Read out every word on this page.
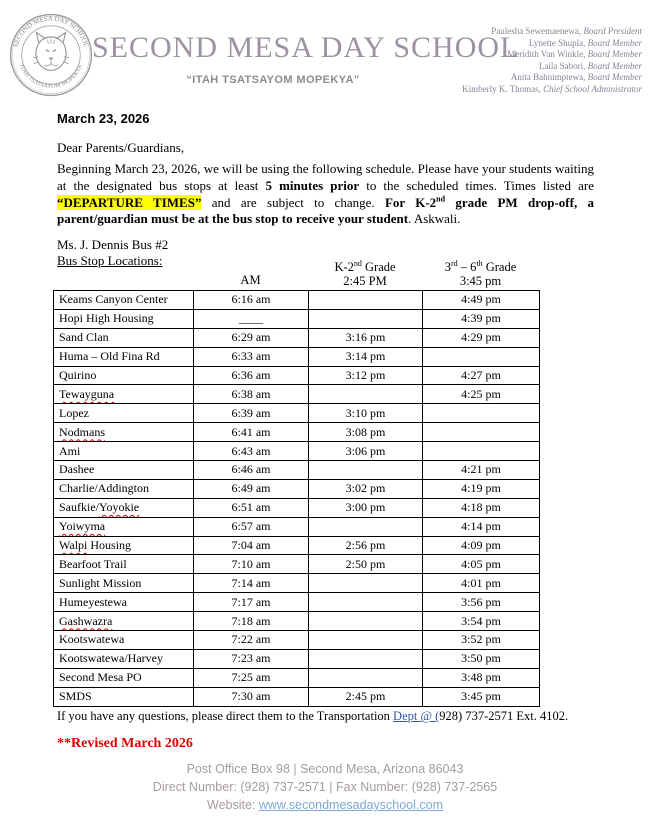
SECOND MESA DAY SCHOOL
ITAH TSATSAYOM MOPEKYA
SECOND MESA DAY SCHOOL
“ITAH TSATSAYOM MOPEKYA”
Paulesha Sewemaenewa, Board President
Lynette Shupla, Board Member
Meridith Van Winkle, Board Member
Laila Sabori, Board Member
Anita Bahnimptewa, Board Member
Kimberly K. Thomas, Chief School Administrator
March 23, 2026
Dear Parents/Guardians,
Beginning March 23, 2026, we will be using the following schedule. Please have your students waiting at the designated bus stops at least 5 minutes prior to the scheduled times. Times listed are “DEPARTURE TIMES” and are subject to change. For K-2nd grade PM drop-off, a parent/guardian must be at the bus stop to receive your student. Askwali.
Ms. J. Dennis Bus #2
Bus Stop Locations:
AM
K-2nd Grade
2:45 PM
3rd – 6th Grade
3:45 pm
Keams Canyon Center	6:16 am		4:49 pm
Hopi High Housing	____		4:39 pm
Sand Clan	6:29 am	3:16 pm	4:29 pm
Huma – Old Fina Rd	6:33 am	3:14 pm	
Quirino	6:36 am	3:12 pm	4:27 pm
Tewayguna	6:38 am		4:25 pm
Lopez	6:39 am	3:10 pm	
Nodmans	6:41 am	3:08 pm	
Ami	6:43 am	3:06 pm	
Dashee	6:46 am		4:21 pm
Charlie/Addington	6:49 am	3:02 pm	4:19 pm
Saufkie/Yoyokie	6:51 am	3:00 pm	4:18 pm
Yoiwyma	6:57 am		4:14 pm
Walpi Housing	7:04 am	2:56 pm	4:09 pm
Bearfoot Trail	7:10 am	2:50 pm	4:05 pm
Sunlight Mission	7:14 am		4:01 pm
Humeyestewa	7:17 am		3:56 pm
Gashwazra	7:18 am		3:54 pm
Kootswatewa	7:22 am		3:52 pm
Kootswatewa/Harvey	7:23 am		3:50 pm
Second Mesa PO	7:25 am		3:48 pm
SMDS	7:30 am	2:45 pm	3:45 pm
If you have any questions, please direct them to the Transportation Dept @ (928) 737-2571 Ext. 4102.
**Revised March 2026
Post Office Box 98 | Second Mesa, Arizona 86043
Direct Number: (928) 737-2571 | Fax Number: (928) 737-2565
Website: www.secondmesadayschool.com
